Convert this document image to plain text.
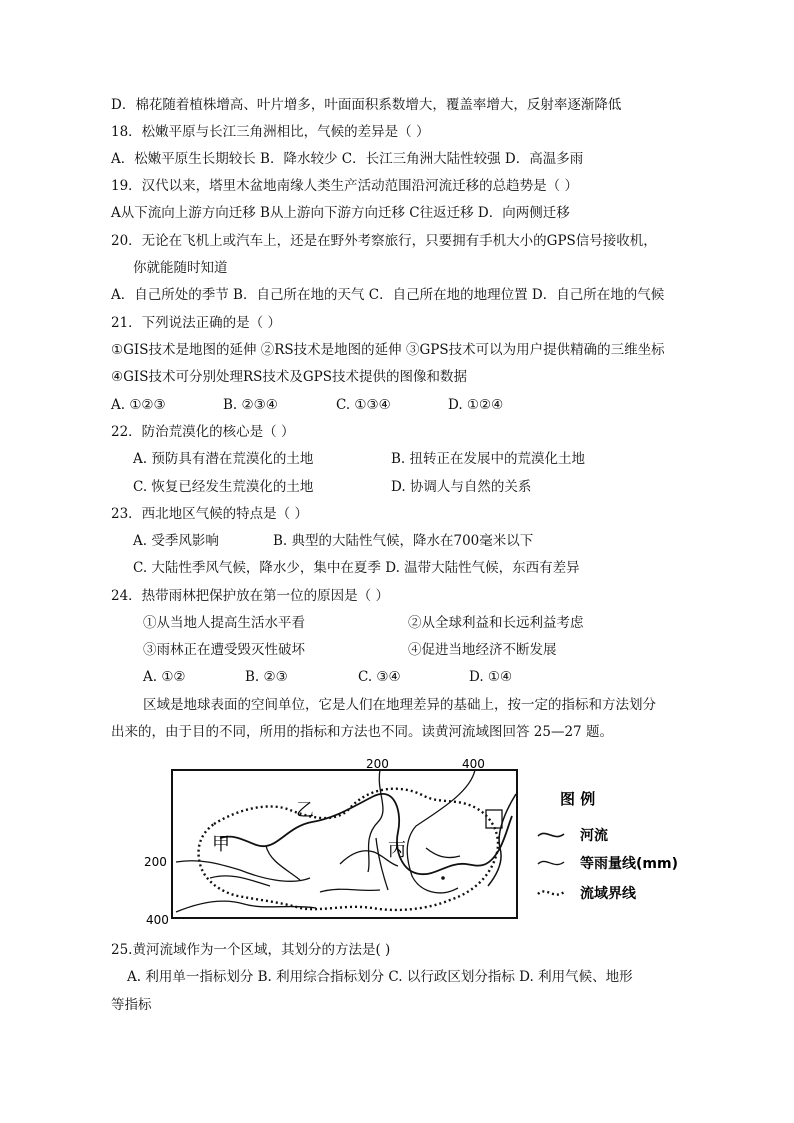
D．棉花随着植株增高、叶片增多，叶面面积系数增大，覆盖率增大，反射率逐渐降低
18．松嫩平原与长江三角洲相比，气候的差异是（ ）
A．松嫩平原生长期较长 B．降水较少 C．长江三角洲大陆性较强 D．高温多雨
19．汉代以来，塔里木盆地南缘人类生产活动范围沿河流迁移的总趋势是（ ）
A从下流向上游方向迁移 B从上游向下游方向迁移 C往返迁移 D．向两侧迁移
20．无论在飞机上或汽车上，还是在野外考察旅行，只要拥有手机大小的GPS信号接收机，
你就能随时知道
A．自己所处的季节 B．自己所在地的天气 C．自己所在地的地理位置 D．自己所在地的气候
21．下列说法正确的是（ ）
①GIS技术是地图的延伸 ②RS技术是地图的延伸 ③GPS技术可以为用户提供精确的三维坐标
④GIS技术可分别处理RS技术及GPS技术提供的图像和数据
A. ①②③	B. ②③④	C. ①③④	D. ①②④
22．防治荒漠化的核心是（ ）
A. 预防具有潜在荒漠化的土地	B. 扭转正在发展中的荒漠化土地
C. 恢复已经发生荒漠化的土地	D. 协调人与自然的关系
23．西北地区气候的特点是（ ）
A. 受季风影响	B. 典型的大陆性气候，降水在700毫米以下
C. 大陆性季风气候，降水少，集中在夏季 D. 温带大陆性气候，东西有差异
24．热带雨林把保护放在第一位的原因是（ ）
①从当地人提高生活水平看	②从全球利益和长远利益考虑
③雨林正在遭受毁灭性破坏	④促进当地经济不断发展
A. ①②	B. ②③	C. ③④	D. ①④
区域是地球表面的空间单位，它是人们在地理差异的基础上，按一定的指标和方法划分
出来的，由于目的不同，所用的指标和方法也不同。读黄河流域图回答 25—27 题。
200	400
200
400
甲
乙
丙
图 例
河流
等雨量线(mm)
流域界线
25.黄河流域作为一个区域，其划分的方法是( )
A. 利用单一指标划分 B. 利用综合指标划分 C. 以行政区划分指标 D. 利用气候、地形
等指标
